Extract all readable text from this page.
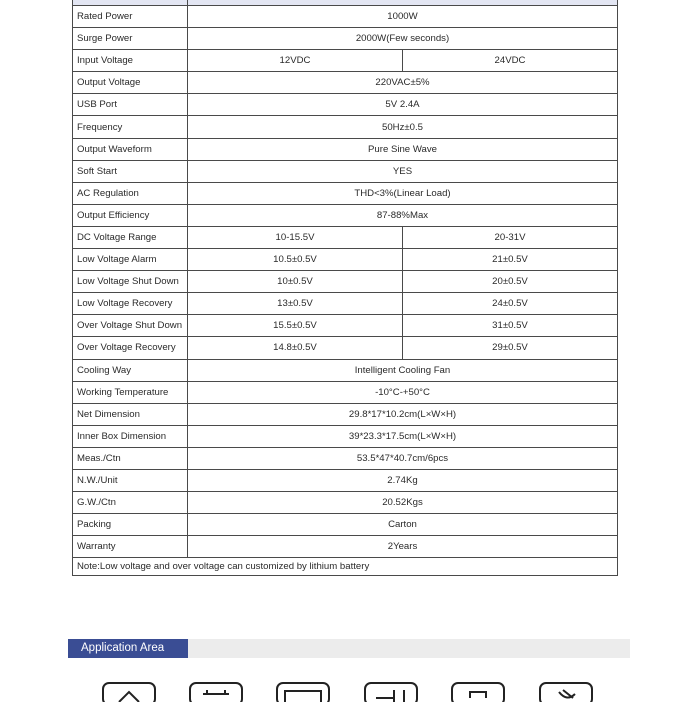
Rated Power	1000W	
Surge Power	2000W(Few seconds)	
Input Voltage	12VDC	24VDC
Output Voltage	220VAC±5%	
USB Port	5V 2.4A	
Frequency	50Hz±0.5	
Output Waveform	Pure Sine Wave	
Soft Start	YES	
AC Regulation	THD<3%(Linear Load)	
Output Efficiency	87-88%Max	
DC Voltage Range	10-15.5V	20-31V
Low Voltage Alarm	10.5±0.5V	21±0.5V
Low Voltage Shut Down	10±0.5V	20±0.5V
Low Voltage Recovery	13±0.5V	24±0.5V
Over Voltage Shut Down	15.5±0.5V	31±0.5V
Over Voltage Recovery	14.8±0.5V	29±0.5V
Cooling Way	Intelligent Cooling Fan	
Working Temperature	-10°C-+50°C	
Net Dimension	29.8*17*10.2cm(L×W×H)	
Inner Box Dimension	39*23.3*17.5cm(L×W×H)	
Meas./Ctn	53.5*47*40.7cm/6pcs	
N.W./Unit	2.74Kg	
G.W./Ctn	20.52Kgs	
Packing	Carton	
Warranty	2Years	
Note:Low voltage and over voltage can customized by lithium battery		
Application Area
